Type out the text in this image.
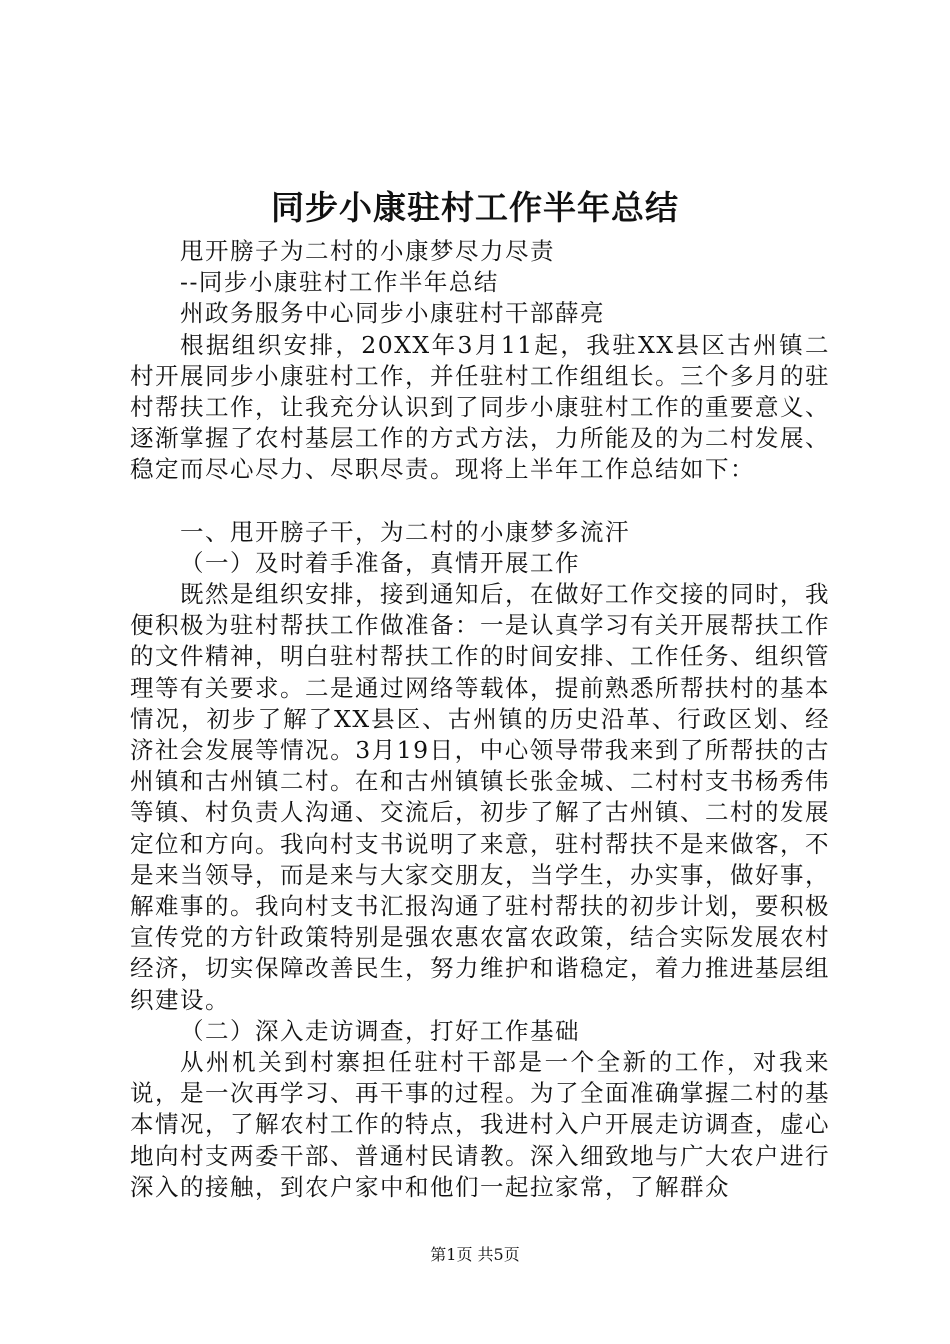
同步小康驻村工作半年总结

甩开膀子为二村的小康梦尽力尽责

--同步小康驻村工作半年总结

州政务服务中心同步小康驻村干部薛亮

根据组织安排，20XX年3月11起，我驻XX县区古州镇二村开展同步小康驻村工作，并任驻村工作组组长。三个多月的驻村帮扶工作，让我充分认识到了同步小康驻村工作的重要意义、逐渐掌握了农村基层工作的方式方法，力所能及的为二村发展、稳定而尽心尽力、尽职尽责。现将上半年工作总结如下：

一、甩开膀子干，为二村的小康梦多流汗

（一）及时着手准备，真情开展工作

既然是组织安排，接到通知后，在做好工作交接的同时，我便积极为驻村帮扶工作做准备：一是认真学习有关开展帮扶工作的文件精神，明白驻村帮扶工作的时间安排、工作任务、组织管理等有关要求。二是通过网络等载体，提前熟悉所帮扶村的基本情况，初步了解了XX县区、古州镇的历史沿革、行政区划、经济社会发展等情况。3月19日，中心领导带我来到了所帮扶的古州镇和古州镇二村。在和古州镇镇长张金城、二村村支书杨秀伟等镇、村负责人沟通、交流后，初步了解了古州镇、二村的发展定位和方向。我向村支书说明了来意，驻村帮扶不是来做客，不是来当领导，而是来与大家交朋友，当学生，办实事，做好事，解难事的。我向村支书汇报沟通了驻村帮扶的初步计划，要积极宣传党的方针政策特别是强农惠农富农政策，结合实际发展农村经济，切实保障改善民生，努力维护和谐稳定，着力推进基层组织建设。

（二）深入走访调查，打好工作基础

从州机关到村寨担任驻村干部是一个全新的工作，对我来说，是一次再学习、再干事的过程。为了全面准确掌握二村的基本情况，了解农村工作的特点，我进村入户开展走访调查，虚心地向村支两委干部、普通村民请教。深入细致地与广大农户进行深入的接触，到农户家中和他们一起拉家常，了解群众

第1页 共5页
